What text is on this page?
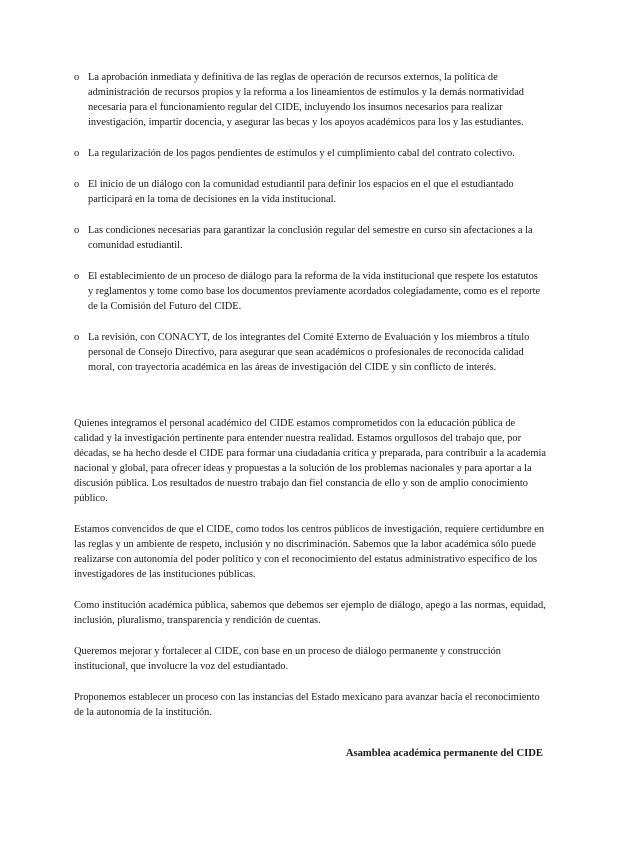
o La aprobación inmediata y definitiva de las reglas de operación de recursos externos, la política de administración de recursos propios y la reforma a los lineamientos de estímulos y la demás normatividad necesaria para el funcionamiento regular del CIDE, incluyendo los insumos necesarios para realizar investigación, impartir docencia, y asegurar las becas y los apoyos académicos para los y las estudiantes.
o La regularización de los pagos pendientes de estímulos y el cumplimiento cabal del contrato colectivo.
o El inicio de un diálogo con la comunidad estudiantil para definir los espacios en el que el estudiantado participará en la toma de decisiones en la vida institucional.
o Las condiciones necesarias para garantizar la conclusión regular del semestre en curso sin afectaciones a la comunidad estudiantil.
o El establecimiento de un proceso de diálogo para la reforma de la vida institucional que respete los estatutos y reglamentos y tome como base los documentos previamente acordados colegiadamente, como es el reporte de la Comisión del Futuro del CIDE.
o La revisión, con CONACYT, de los integrantes del Comité Externo de Evaluación y los miembros a título personal de Consejo Directivo, para asegurar que sean académicos o profesionales de reconocida calidad moral, con trayectoria académica en las áreas de investigación del CIDE y sin conflicto de interés.

Quienes integramos el personal académico del CIDE estamos comprometidos con la educación pública de calidad y la investigación pertinente para entender nuestra realidad. Estamos orgullosos del trabajo que, por décadas, se ha hecho desde el CIDE para formar una ciudadanía crítica y preparada, para contribuir a la academia nacional y global, para ofrecer ideas y propuestas a la solución de los problemas nacionales y para aportar a la discusión pública. Los resultados de nuestro trabajo dan fiel constancia de ello y son de amplio conocimiento público.

Estamos convencidos de que el CIDE, como todos los centros públicos de investigación, requiere certidumbre en las reglas y un ambiente de respeto, inclusión y no discriminación. Sabemos que la labor académica sólo puede realizarse con autonomía del poder político y con el reconocimiento del estatus administrativo específico de los investigadores de las instituciones públicas.

Como institución académica pública, sabemos que debemos ser ejemplo de diálogo, apego a las normas, equidad, inclusión, pluralismo, transparencia y rendición de cuentas.

Queremos mejorar y fortalecer al CIDE, con base en un proceso de diálogo permanente y construcción institucional, que involucre la voz del estudiantado.

Proponemos establecer un proceso con las instancias del Estado mexicano para avanzar hacia el reconocimiento de la autonomía de la institución.

Asamblea académica permanente del CIDE
